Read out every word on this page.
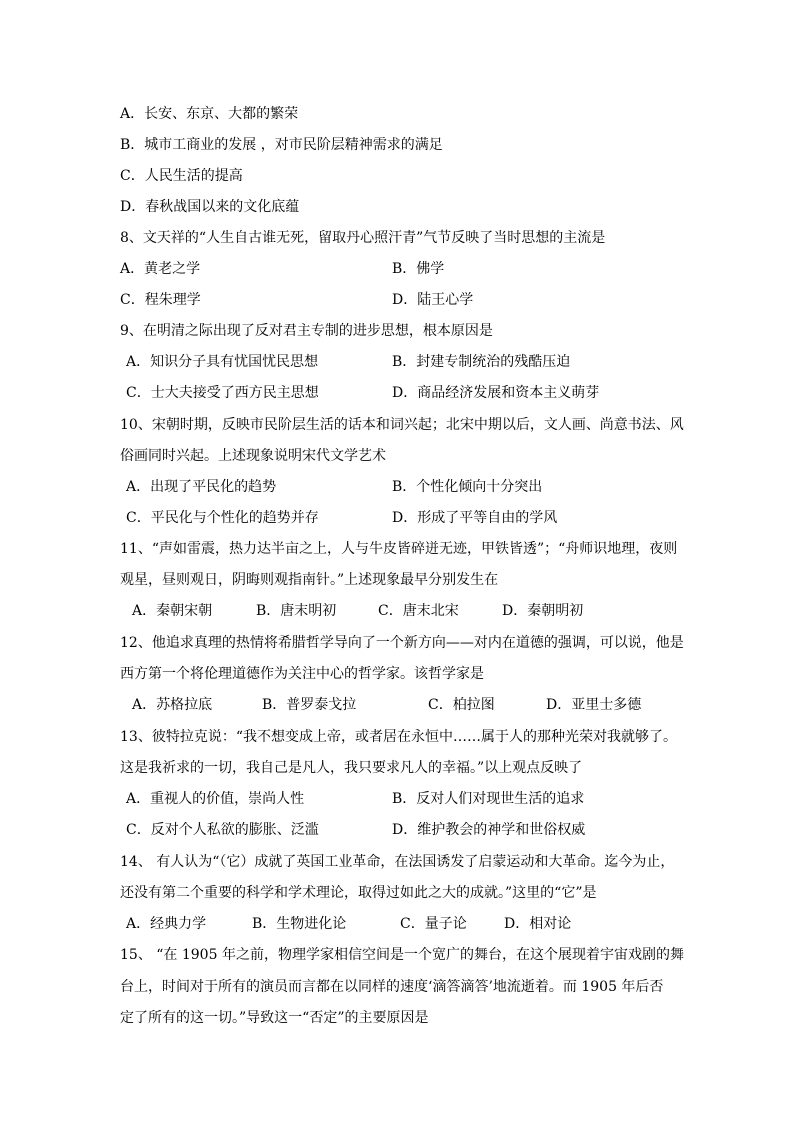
A．长安、东京、大都的繁荣
B．城市工商业的发展 ，对市民阶层精神需求的满足
C．人民生活的提高
D．春秋战国以来的文化底蕴
8、文天祥的“人生自古谁无死，留取丹心照汗青”气节反映了当时思想的主流是
A．黄老之学	B．佛学
C．程朱理学	D．陆王心学
9、在明清之际出现了反对君主专制的进步思想，根本原因是
A．知识分子具有忧国忧民思想	B．封建专制统治的残酷压迫
C．士大夫接受了西方民主思想	D．商品经济发展和资本主义萌芽
10、宋朝时期，反映市民阶层生活的话本和词兴起；北宋中期以后，文人画、尚意书法、风
俗画同时兴起。上述现象说明宋代文学艺术
A．出现了平民化的趋势	B．个性化倾向十分突出
C．平民化与个性化的趋势并存	D．形成了平等自由的学风
11、“声如雷震，热力达半亩之上，人与牛皮皆碎迸无迹，甲铁皆透”；“舟师识地理，夜则
观星，昼则观日，阴晦则观指南针。”上述现象最早分别发生在
A．秦朝宋朝	B．唐末明初	C．唐末北宋	D．秦朝明初
12、他追求真理的热情将希腊哲学导向了一个新方向——对内在道德的强调，可以说，他是
西方第一个将伦理道德作为关注中心的哲学家。该哲学家是
A．苏格拉底	B．普罗泰戈拉	C．柏拉图	D．亚里士多德
13、彼特拉克说：“我不想变成上帝，或者居在永恒中……属于人的那种光荣对我就够了。
这是我祈求的一切，我自己是凡人，我只要求凡人的幸福。”以上观点反映了
A．重视人的价值，崇尚人性	B．反对人们对现世生活的追求
C．反对个人私欲的膨胀、泛滥	D．维护教会的神学和世俗权威
14、 有人认为“（它）成就了英国工业革命，在法国诱发了启蒙运动和大革命。迄今为止，
还没有第二个重要的科学和学术理论，取得过如此之大的成就。”这里的“它”是
A．经典力学	B．生物进化论	C．量子论	D．相对论
15、 “在 1905 年之前，物理学家相信空间是一个宽广的舞台，在这个展现着宇宙戏剧的舞
台上，时间对于所有的演员而言都在以同样的速度‘滴答滴答’地流逝着。而 1905 年后否
定了所有的这一切。”导致这一“否定”的主要原因是
